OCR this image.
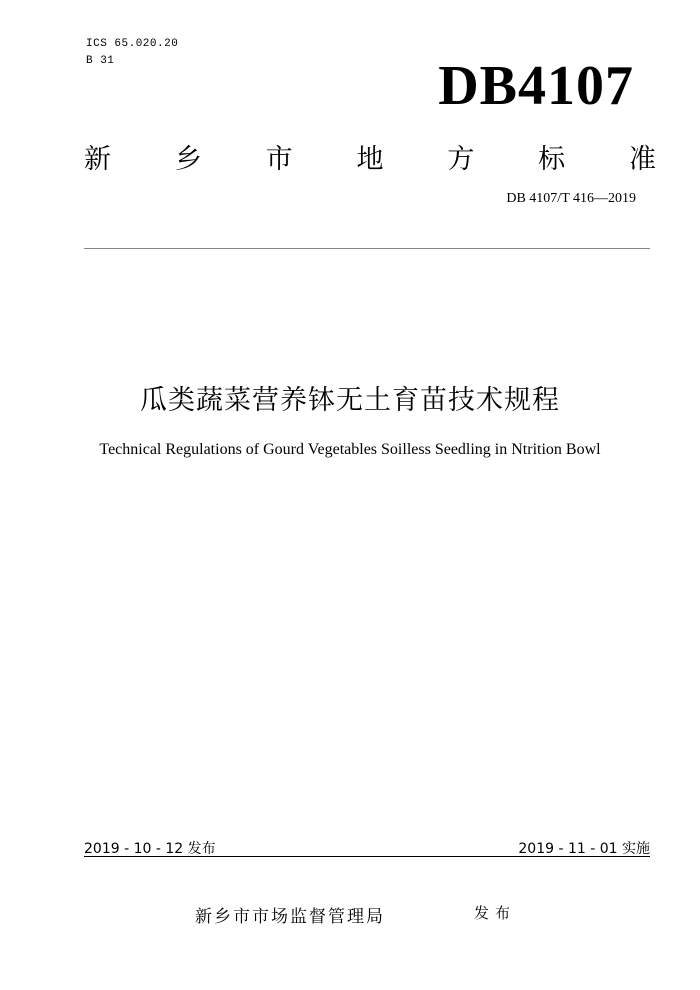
ICS 65.020.20
B 31	DB4107
新 乡 市 地 方 标 准
DB 4107/T 416—2019
瓜类蔬菜营养钵无土育苗技术规程
Technical Regulations of Gourd Vegetables Soilless Seedling in Ntrition Bowl
2019 - 10 - 12 发布	2019 - 11 - 01 实施
新乡市市场监督管理局	发布
